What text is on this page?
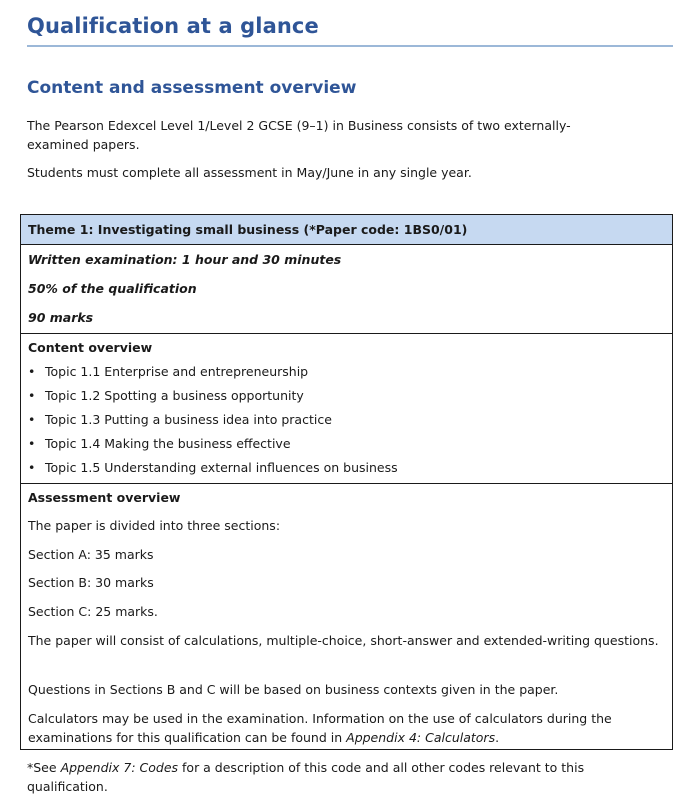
Qualification at a glance
Content and assessment overview
The Pearson Edexcel Level 1/Level 2 GCSE (9–1) in Business consists of two externally-examined papers.
Students must complete all assessment in May/June in any single year.
Theme 1: Investigating small business (*Paper code: 1BS0/01)
Written examination: 1 hour and 30 minutes
50% of the qualification
90 marks
Content overview
• Topic 1.1 Enterprise and entrepreneurship
• Topic 1.2 Spotting a business opportunity
• Topic 1.3 Putting a business idea into practice
• Topic 1.4 Making the business effective
• Topic 1.5 Understanding external influences on business
Assessment overview
The paper is divided into three sections:
Section A: 35 marks
Section B: 30 marks
Section C: 25 marks.
The paper will consist of calculations, multiple-choice, short-answer and extended-writing questions.
Questions in Sections B and C will be based on business contexts given in the paper.
Calculators may be used in the examination. Information on the use of calculators during the examinations for this qualification can be found in Appendix 4: Calculators.
*See Appendix 7: Codes for a description of this code and all other codes relevant to this qualification.
